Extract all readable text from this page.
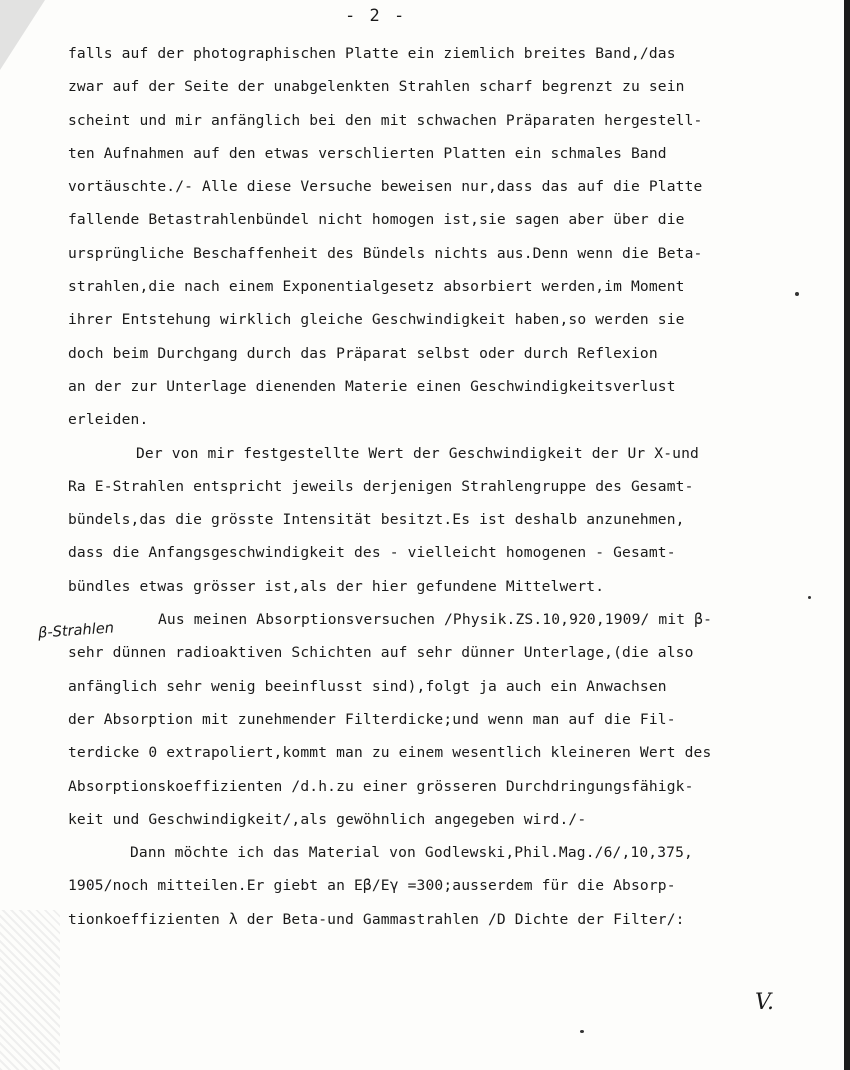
- 2 -
falls auf der photographischen Platte ein ziemlich breites Band,/das
zwar auf der Seite der unabgelenkten Strahlen scharf begrenzt zu sein
scheint und mir anfänglich bei den mit schwachen Präparaten hergestell-
ten Aufnahmen auf den etwas verschlierten Platten ein schmales Band
vortäuschte./- Alle diese Versuche beweisen nur,dass das auf die Platte
fallende Betastrahlenbündel nicht homogen ist,sie sagen aber über die
ursprüngliche Beschaffenheit des Bündels nichts aus.Denn wenn die Beta-
strahlen,die nach einem Exponentialgesetz absorbiert werden,im Moment
ihrer Entstehung wirklich gleiche Geschwindigkeit haben,so werden sie
doch beim Durchgang durch das Präparat selbst oder durch Reflexion
an der zur Unterlage dienenden Materie einen Geschwindigkeitsverlust
erleiden.
Der von mir festgestellte Wert der Geschwindigkeit der Ur X-und
Ra E-Strahlen entspricht jeweils derjenigen Strahlengruppe des Gesamt-
bündels,das die grösste Intensität besitzt.Es ist deshalb anzunehmen,
dass die Anfangsgeschwindigkeit des - vielleicht homogenen - Gesamt-
bündles etwas grösser ist,als der hier gefundene Mittelwert.
Aus meinen Absorptionsversuchen /Physik.ZS.10,920,1909/ mit β-
sehr dünnen radioaktiven Schichten auf sehr dünner Unterlage,(die also
anfänglich sehr wenig beeinflusst sind),folgt ja auch ein Anwachsen
der Absorption mit zunehmender Filterdicke;und wenn man auf die Fil-
terdicke 0 extrapoliert,kommt man zu einem wesentlich kleineren Wert des
Absorptionskoeffizienten /d.h.zu einer grösseren Durchdringungsfähigk-
keit und Geschwindigkeit/,als gewöhnlich angegeben wird./-
Dann möchte ich das Material von Godlewski,Phil.Mag./6/,10,375,
1905/noch mitteilen.Er giebt an Eβ/Eγ =300;ausserdem für die Absorp-
tionkoeffizienten λ der Beta-und Gammastrahlen /D Dichte der Filter/:
β-Strahlen
V.
